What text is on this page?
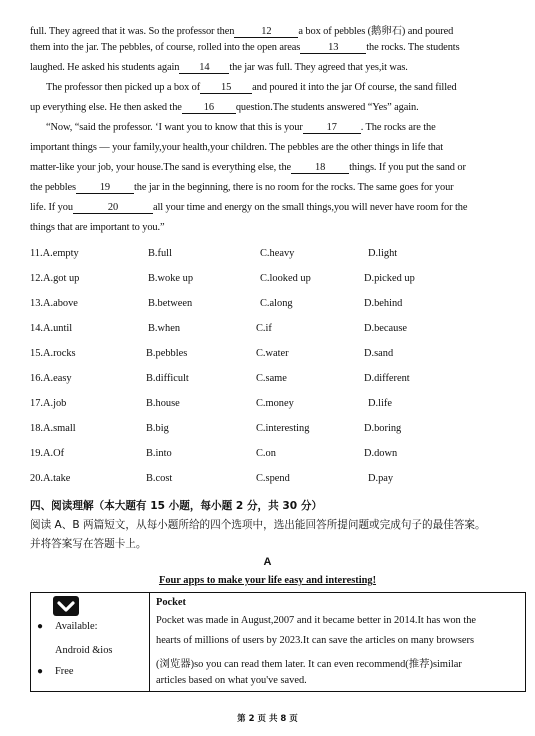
full. They agreed that it was. So the professor then	12	a box of pebbles (鹅卵石) and poured
them into the jar. The pebbles, of course, rolled into the open areas	13	the rocks. The students
laughed. He asked his students again 14 the jar was full. They agreed that yes,it was.
The professor then picked up a box of 15 and poured it into the jar Of course, the sand filled
up everything else. He then asked the 16 question.The students answered “Yes” again.
“Now, “said the professor. ‘I want you to know that this is your 17 . The rocks are the
important things — your family,your health,your children. The pebbles are the other things in life that
matter-like your job, your house.The sand is everything else, the 18 things. If you put the sand or
the pebbles 19 the jar in the beginning, there is no room for the rocks. The same goes for your
life. If you	20	all your time and energy on the small things,you will never have room for the
things that are important to you.”
11.A.empty	B.full	C.heavy	D.light
12.A.got up	B.woke up	C.looked up	D.picked up
13.A.above	B.between	C.along	D.behind
14.A.until	B.when	C.if	D.because
15.A.rocks	B.pebbles	C.water	D.sand
16.A.easy	B.difficult	C.same	D.different
17.A.job	B.house	C.money	D.life
18.A.small	B.big	C.interesting	D.boring
19.A.Of	B.into	C.on	D.down
20.A.take	B.cost	C.spend	D.pay
四、阅读理解（本大题有 15 小题，每小题 2 分，共 30 分）
阅读 A、B 两篇短文，从每小题所给的四个选项中，选出能回答所提问题或完成句子的最佳答案。
并将答案写在答题卡上。
A
Four apps to make your life easy and interesting!
● Available:
Android &ios
● Free

Pocket
Pocket was made in August,2007 and it became better in 2014.It has won the
hearts of millions of users by 2023.It can save the articles on many browsers
(浏览器)so you can read them later. It can even recommend(推荐)similar
articles based on what you've saved.
第 2 页 共 8 页
